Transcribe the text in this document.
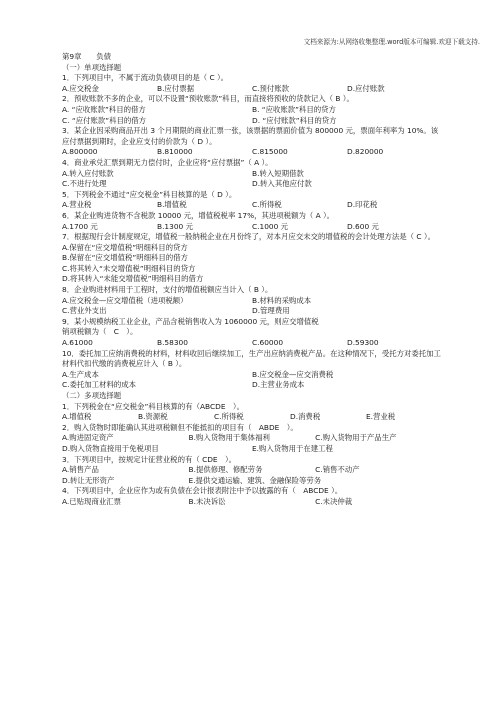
文档来源为:从网络收集整理.word版本可编辑.欢迎下载支持.
第9章　　负债
（一）单项选择题
1．下列项目中，不属于流动负债项目的是（ C ）。
A.应交税金	B.应付票据	C.预付账款	D.应付账款
2．预收账款不多的企业，可以不设置“预收账款”科目，而直接将预收的货款记入（ B ）。
A. “应收账款”科目的借方	B. “应收账款”科目的贷方
C. “应付账款”科目的借方	D. “应付账款”科目的贷方
3．某企业因采购商品开出 3 个月期限的商业汇票一张，该票据的票面价值为 800000 元，票面年利率为 10%。该应付票据到期时，企业应支付的价款为（ D ）。
A.800000	B.810000	C.815000	D.820000
4．商业承兑汇票到期无力偿付时，企业应将“应付票据”（ A ）。
A.转入应付账款	B.转入短期借款
C.不进行处理	D.转入其他应付款
5．下列税金不通过“应交税金”科目核算的是（ D ）。
A.营业税	B.增值税	C.所得税	D.印花税
6．某企业购进货物不含税款 10000 元，增值税税率 17%，其进项税额为（ A ）。
A.1700 元	B.1300 元	C.1000 元	D.600 元
7．根据现行会计制度规定，增值税一般纳税企业在月份终了，对本月应交未交的增值税的会计处理方法是（ C ）。
A.保留在“应交增值税”明细科目的贷方
B.保留在“应交增值税”明细科目的借方
C.将其转入“未交增值税”明细科目的贷方
D.将其转入“未能交增值税”明细科目的借方
8．企业购进材料用于工程时，支付的增值税额应当计入（ B ）。
A.应交税金—应交增值税（进项税额）	B.材料的采购成本
C.营业外支出	D.管理费用
9．某小规模纳税工业企业，产品含税销售收入为 1060000 元，则应交增值税
销项税额为（　C　）。
A.61000	B.58300	C.60000	D.59300
10．委托加工应纳消费税的材料，材料收回后继续加工，生产出应纳消费税产品。在这种情况下，受托方对委托加工材料代扣代缴的消费税应计入（ B ）。
A.生产成本	B.应交税金—应交消费税
C.委托加工材料的成本	D.主营业务成本
（二）多项选择题
1．下列税金在“应交税金”科目核算的有（ABCDE　）。
A.增值税	B.资源税	C.所得税	D.消费税	E.营业税
2．购入货物时即能确认其进项税额但不能抵扣的项目有（　ABDE　）。
A.购进固定资产	B.购入货物用于集体福利	C.购入货物用于产品生产
D.购入货物直接用于免税项目	E.购入货物用于在建工程
3．下列项目中，按规定计征营业税的有（ CDE　）。
A.销售产品	B.提供修理、修配劳务	C.销售不动产
D.转让无形资产	E.提供交通运输、建筑、金融保险等劳务
4．下列项目中，企业应作为或有负债在会计报表附注中予以披露的有（　ABCDE ）。
A.已贴现商业汇票	B.未决诉讼	C.未决仲裁
